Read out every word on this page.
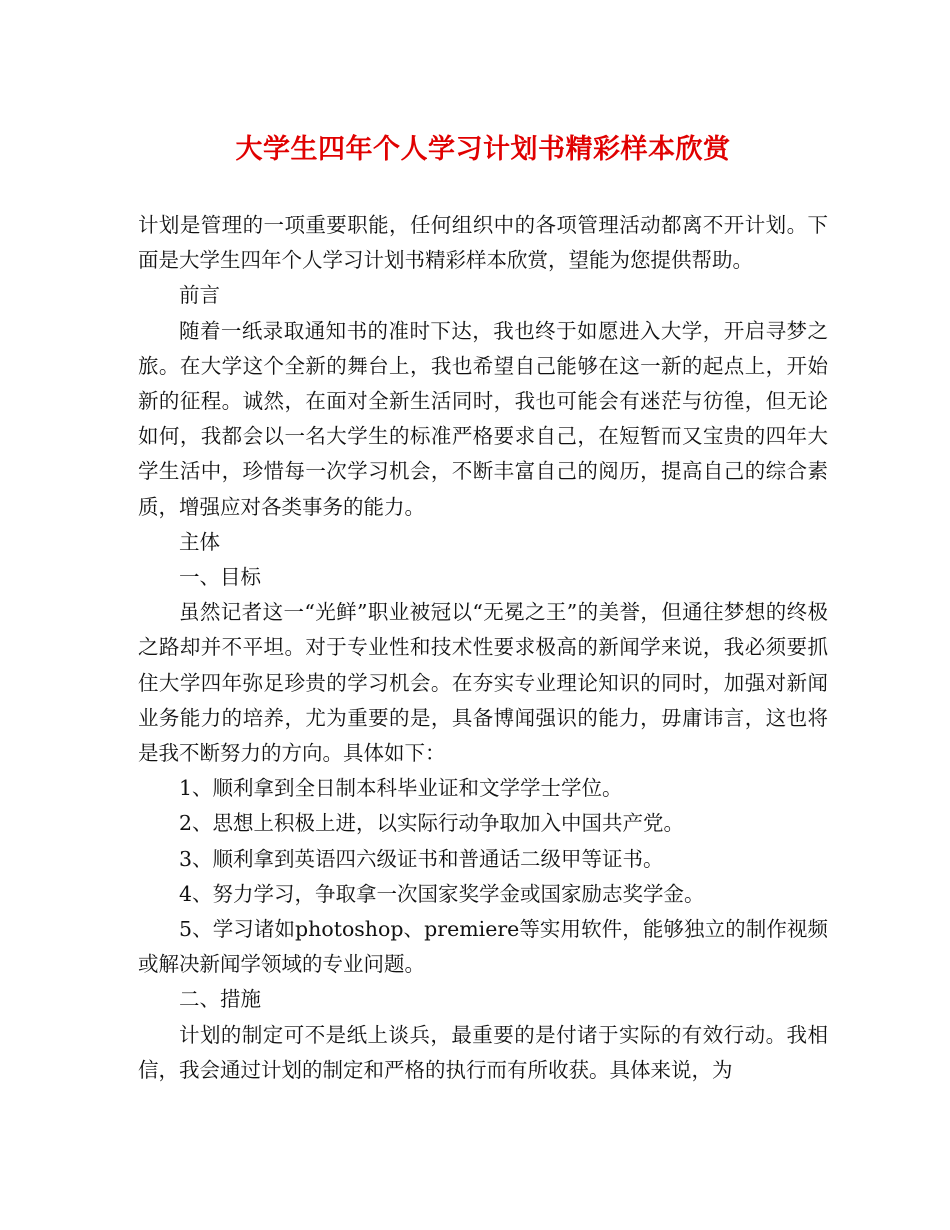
大学生四年个人学习计划书精彩样本欣赏

计划是管理的一项重要职能，任何组织中的各项管理活动都离不开计划。下面是大学生四年个人学习计划书精彩样本欣赏，望能为您提供帮助。

前言

随着一纸录取通知书的准时下达，我也终于如愿进入大学，开启寻梦之旅。在大学这个全新的舞台上，我也希望自己能够在这一新的起点上，开始新的征程。诚然，在面对全新生活同时，我也可能会有迷茫与彷徨，但无论如何，我都会以一名大学生的标准严格要求自己，在短暂而又宝贵的四年大学生活中，珍惜每一次学习机会，不断丰富自己的阅历，提高自己的综合素质，增强应对各类事务的能力。

主体

一、目标

虽然记者这一“光鲜”职业被冠以“无冕之王”的美誉，但通往梦想的终极之路却并不平坦。对于专业性和技术性要求极高的新闻学来说，我必须要抓住大学四年弥足珍贵的学习机会。在夯实专业理论知识的同时，加强对新闻业务能力的培养，尤为重要的是，具备博闻强识的能力，毋庸讳言，这也将是我不断努力的方向。具体如下：

1、顺利拿到全日制本科毕业证和文学学士学位。

2、思想上积极上进，以实际行动争取加入中国共产党。

3、顺利拿到英语四六级证书和普通话二级甲等证书。

4、努力学习，争取拿一次国家奖学金或国家励志奖学金。

5、学习诸如photoshop、premiere等实用软件，能够独立的制作视频或解决新闻学领域的专业问题。

二、措施

计划的制定可不是纸上谈兵，最重要的是付诸于实际的有效行动。我相信，我会通过计划的制定和严格的执行而有所收获。具体来说，为
